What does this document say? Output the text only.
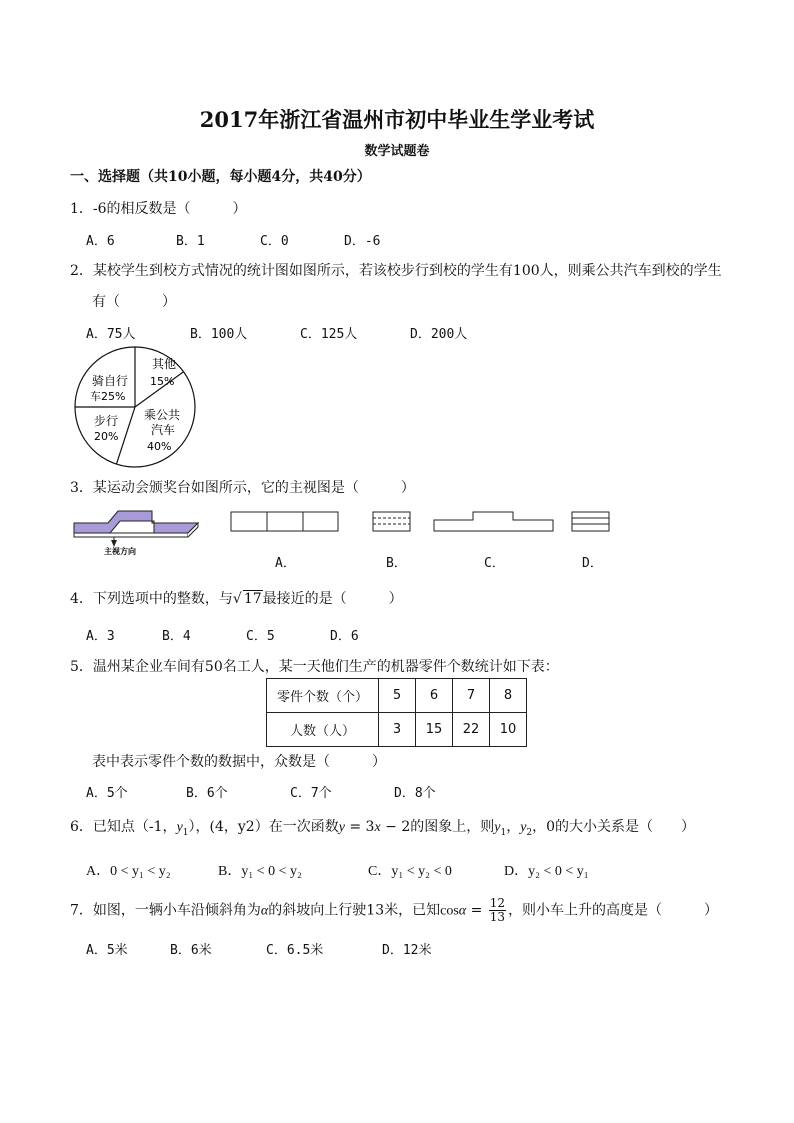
2017年浙江省温州市初中毕业生学业考试
数学试题卷
一、选择题（共10小题，每小题4分，共40分）
1．-6的相反数是（　　　）
A．6	B．1	C．0	D．-6
2．某校学生到校方式情况的统计图如图所示，若该校步行到校的学生有100人，则乘公共汽车到校的学生
有（　　　）
A．75人	B．100人	C．125人	D．200人
其他
15%
骑自行
车25%
乘公共
汽车
40%
步行
20%
3．某运动会颁奖台如图所示，它的主视图是（　　　）
主视方向
A．	B．	C．	D．
4．下列选项中的整数，与√ 17最接近的是（　　　）
A．3	B．4	C．5	D．6
5．温州某企业车间有50名工人，某一天他们生产的机器零件个数统计如下表：
零件个数（个）	5	6	7	8
人数（人）	3	15	22	10
表中表示零件个数的数据中，众数是（　　　）
A．5个	B．6个	C．7个	D．8个
6．已知点（-1，$y_1$），(4，y2）在一次函数y = 3x − 2的图象上，则$y_1$，$y_2$，0的大小关系是（　　）
A．0 < y₁ < y₂	B．y₁ < 0 < y₂	C．y₁ < y₂ < 0	D．y₂ < 0 < y₁
7．如图，一辆小车沿倾斜角为α的斜坡向上行驶13米，已知$\cos\alpha = \frac{12}{13}$ ，则小车上升的高度是（　　　）
A．5米	B．6米	C．6.5米	D．12米
